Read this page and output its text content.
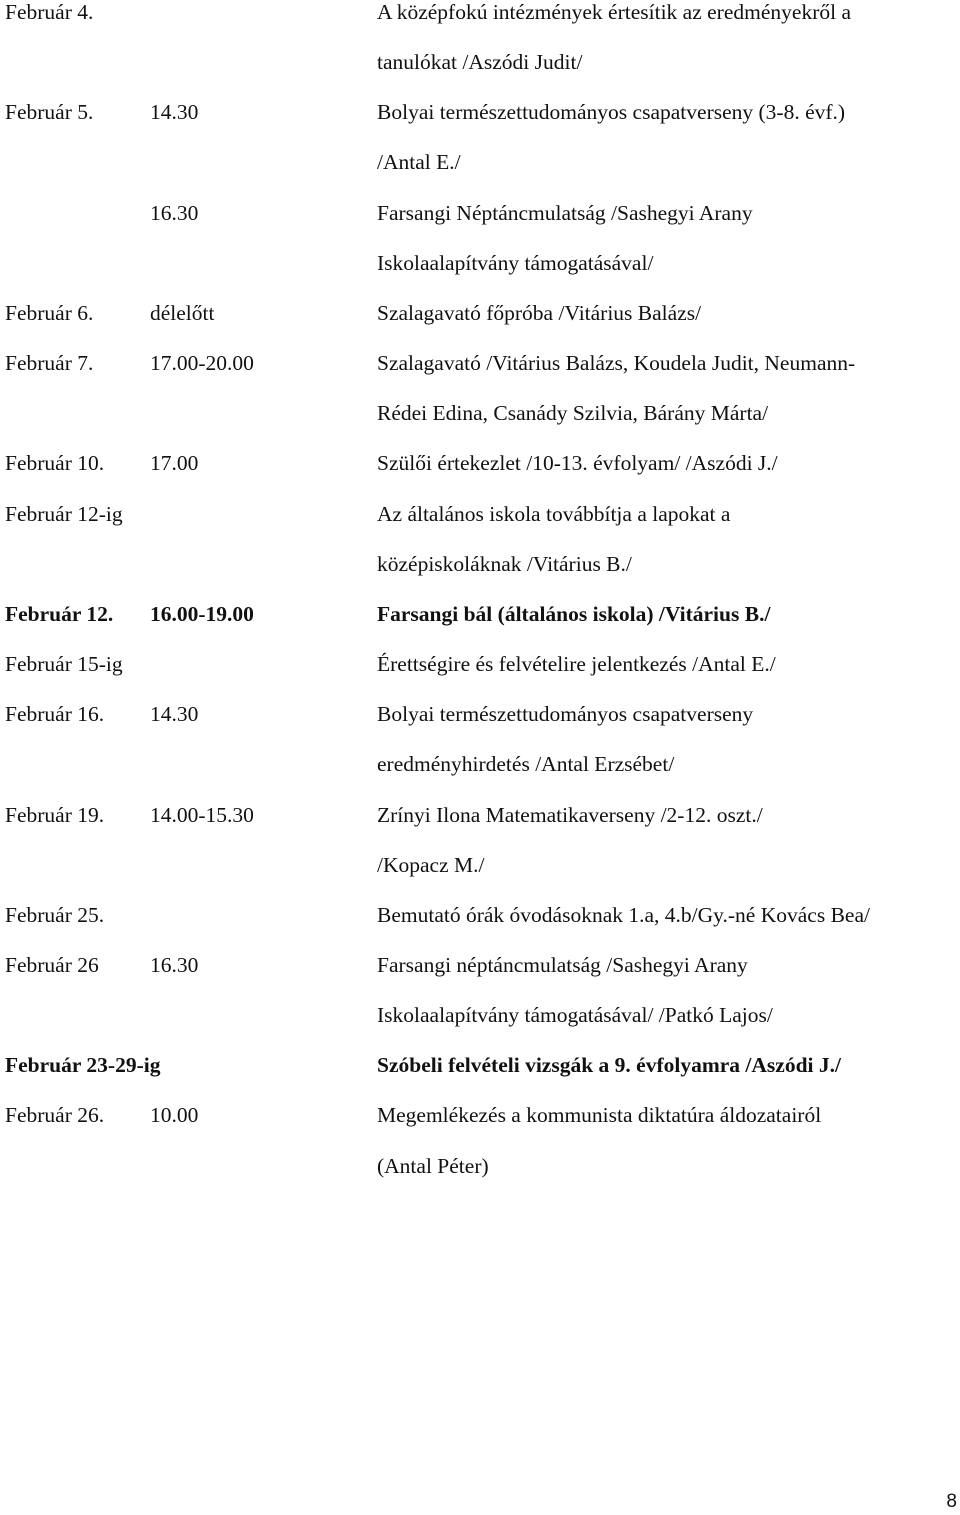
Február 4.	A középfokú intézmények értesítik az eredményekről a
tanulókat /Aszódi Judit/
Február 5.	14.30	Bolyai természettudományos csapatverseny (3-8. évf.)
/Antal E./
16.30	Farsangi Néptáncmulatság /Sashegyi Arany
Iskolaalapítvány támogatásával/
Február 6.	délelőtt	Szalagavató főpróba /Vitárius Balázs/
Február 7.	17.00-20.00	Szalagavató /Vitárius Balázs, Koudela Judit, Neumann-
Rédei Edina, Csanády Szilvia, Bárány Márta/
Február 10.	17.00	Szülői értekezlet /10-13. évfolyam/ /Aszódi J./
Február 12-ig	Az általános iskola továbbítja a lapokat a
középiskoláknak /Vitárius B./
Február 12.	16.00-19.00	Farsangi bál (általános iskola) /Vitárius B./
Február 15-ig	Érettségire és felvételire jelentkezés /Antal E./
Február 16.	14.30	Bolyai természettudományos csapatverseny
eredményhirdetés /Antal Erzsébet/
Február 19.	14.00-15.30	Zrínyi Ilona Matematikaverseny /2-12. oszt./
/Kopacz M./
Február 25.	Bemutató órák óvodásoknak 1.a, 4.b/Gy.-né Kovács Bea/
Február 26	16.30	Farsangi néptáncmulatság /Sashegyi Arany
Iskolaalapítvány támogatásával/ /Patkó Lajos/
Február 23-29-ig	Szóbeli felvételi vizsgák a 9. évfolyamra /Aszódi J./
Február 26.	10.00	Megemlékezés a kommunista diktatúra áldozatairól
(Antal Péter)
8
